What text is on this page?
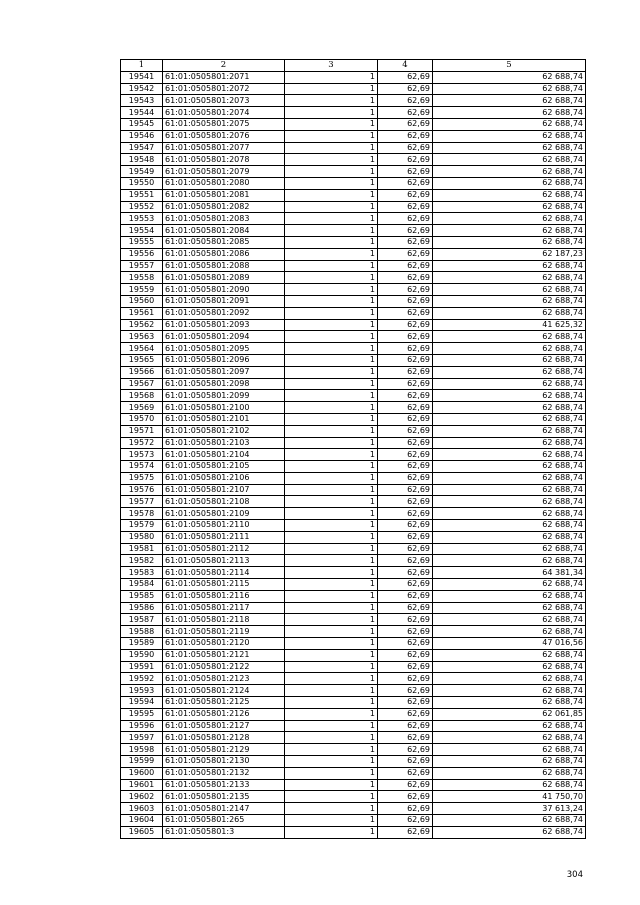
1	2	3	4	5
19541	61:01:0505801:2071	1	62,69	62 688,74
19542	61:01:0505801:2072	1	62,69	62 688,74
19543	61:01:0505801:2073	1	62,69	62 688,74
19544	61:01:0505801:2074	1	62,69	62 688,74
19545	61:01:0505801:2075	1	62,69	62 688,74
19546	61:01:0505801:2076	1	62,69	62 688,74
19547	61:01:0505801:2077	1	62,69	62 688,74
19548	61:01:0505801:2078	1	62,69	62 688,74
19549	61:01:0505801:2079	1	62,69	62 688,74
19550	61:01:0505801:2080	1	62,69	62 688,74
19551	61:01:0505801:2081	1	62,69	62 688,74
19552	61:01:0505801:2082	1	62,69	62 688,74
19553	61:01:0505801:2083	1	62,69	62 688,74
19554	61:01:0505801:2084	1	62,69	62 688,74
19555	61:01:0505801:2085	1	62,69	62 688,74
19556	61:01:0505801:2086	1	62,69	62 187,23
19557	61:01:0505801:2088	1	62,69	62 688,74
19558	61:01:0505801:2089	1	62,69	62 688,74
19559	61:01:0505801:2090	1	62,69	62 688,74
19560	61:01:0505801:2091	1	62,69	62 688,74
19561	61:01:0505801:2092	1	62,69	62 688,74
19562	61:01:0505801:2093	1	62,69	41 625,32
19563	61:01:0505801:2094	1	62,69	62 688,74
19564	61:01:0505801:2095	1	62,69	62 688,74
19565	61:01:0505801:2096	1	62,69	62 688,74
19566	61:01:0505801:2097	1	62,69	62 688,74
19567	61:01:0505801:2098	1	62,69	62 688,74
19568	61:01:0505801:2099	1	62,69	62 688,74
19569	61:01:0505801:2100	1	62,69	62 688,74
19570	61:01:0505801:2101	1	62,69	62 688,74
19571	61:01:0505801:2102	1	62,69	62 688,74
19572	61:01:0505801:2103	1	62,69	62 688,74
19573	61:01:0505801:2104	1	62,69	62 688,74
19574	61:01:0505801:2105	1	62,69	62 688,74
19575	61:01:0505801:2106	1	62,69	62 688,74
19576	61:01:0505801:2107	1	62,69	62 688,74
19577	61:01:0505801:2108	1	62,69	62 688,74
19578	61:01:0505801:2109	1	62,69	62 688,74
19579	61:01:0505801:2110	1	62,69	62 688,74
19580	61:01:0505801:2111	1	62,69	62 688,74
19581	61:01:0505801:2112	1	62,69	62 688,74
19582	61:01:0505801:2113	1	62,69	62 688,74
19583	61:01:0505801:2114	1	62,69	64 381,34
19584	61:01:0505801:2115	1	62,69	62 688,74
19585	61:01:0505801:2116	1	62,69	62 688,74
19586	61:01:0505801:2117	1	62,69	62 688,74
19587	61:01:0505801:2118	1	62,69	62 688,74
19588	61:01:0505801:2119	1	62,69	62 688,74
19589	61:01:0505801:2120	1	62,69	47 016,56
19590	61:01:0505801:2121	1	62,69	62 688,74
19591	61:01:0505801:2122	1	62,69	62 688,74
19592	61:01:0505801:2123	1	62,69	62 688,74
19593	61:01:0505801:2124	1	62,69	62 688,74
19594	61:01:0505801:2125	1	62,69	62 688,74
19595	61:01:0505801:2126	1	62,69	62 061,85
19596	61:01:0505801:2127	1	62,69	62 688,74
19597	61:01:0505801:2128	1	62,69	62 688,74
19598	61:01:0505801:2129	1	62,69	62 688,74
19599	61:01:0505801:2130	1	62,69	62 688,74
19600	61:01:0505801:2132	1	62,69	62 688,74
19601	61:01:0505801:2133	1	62,69	62 688,74
19602	61:01:0505801:2135	1	62,69	41 750,70
19603	61:01:0505801:2147	1	62,69	37 613,24
19604	61:01:0505801:265	1	62,69	62 688,74
19605	61:01:0505801:3	1	62,69	62 688,74
304
